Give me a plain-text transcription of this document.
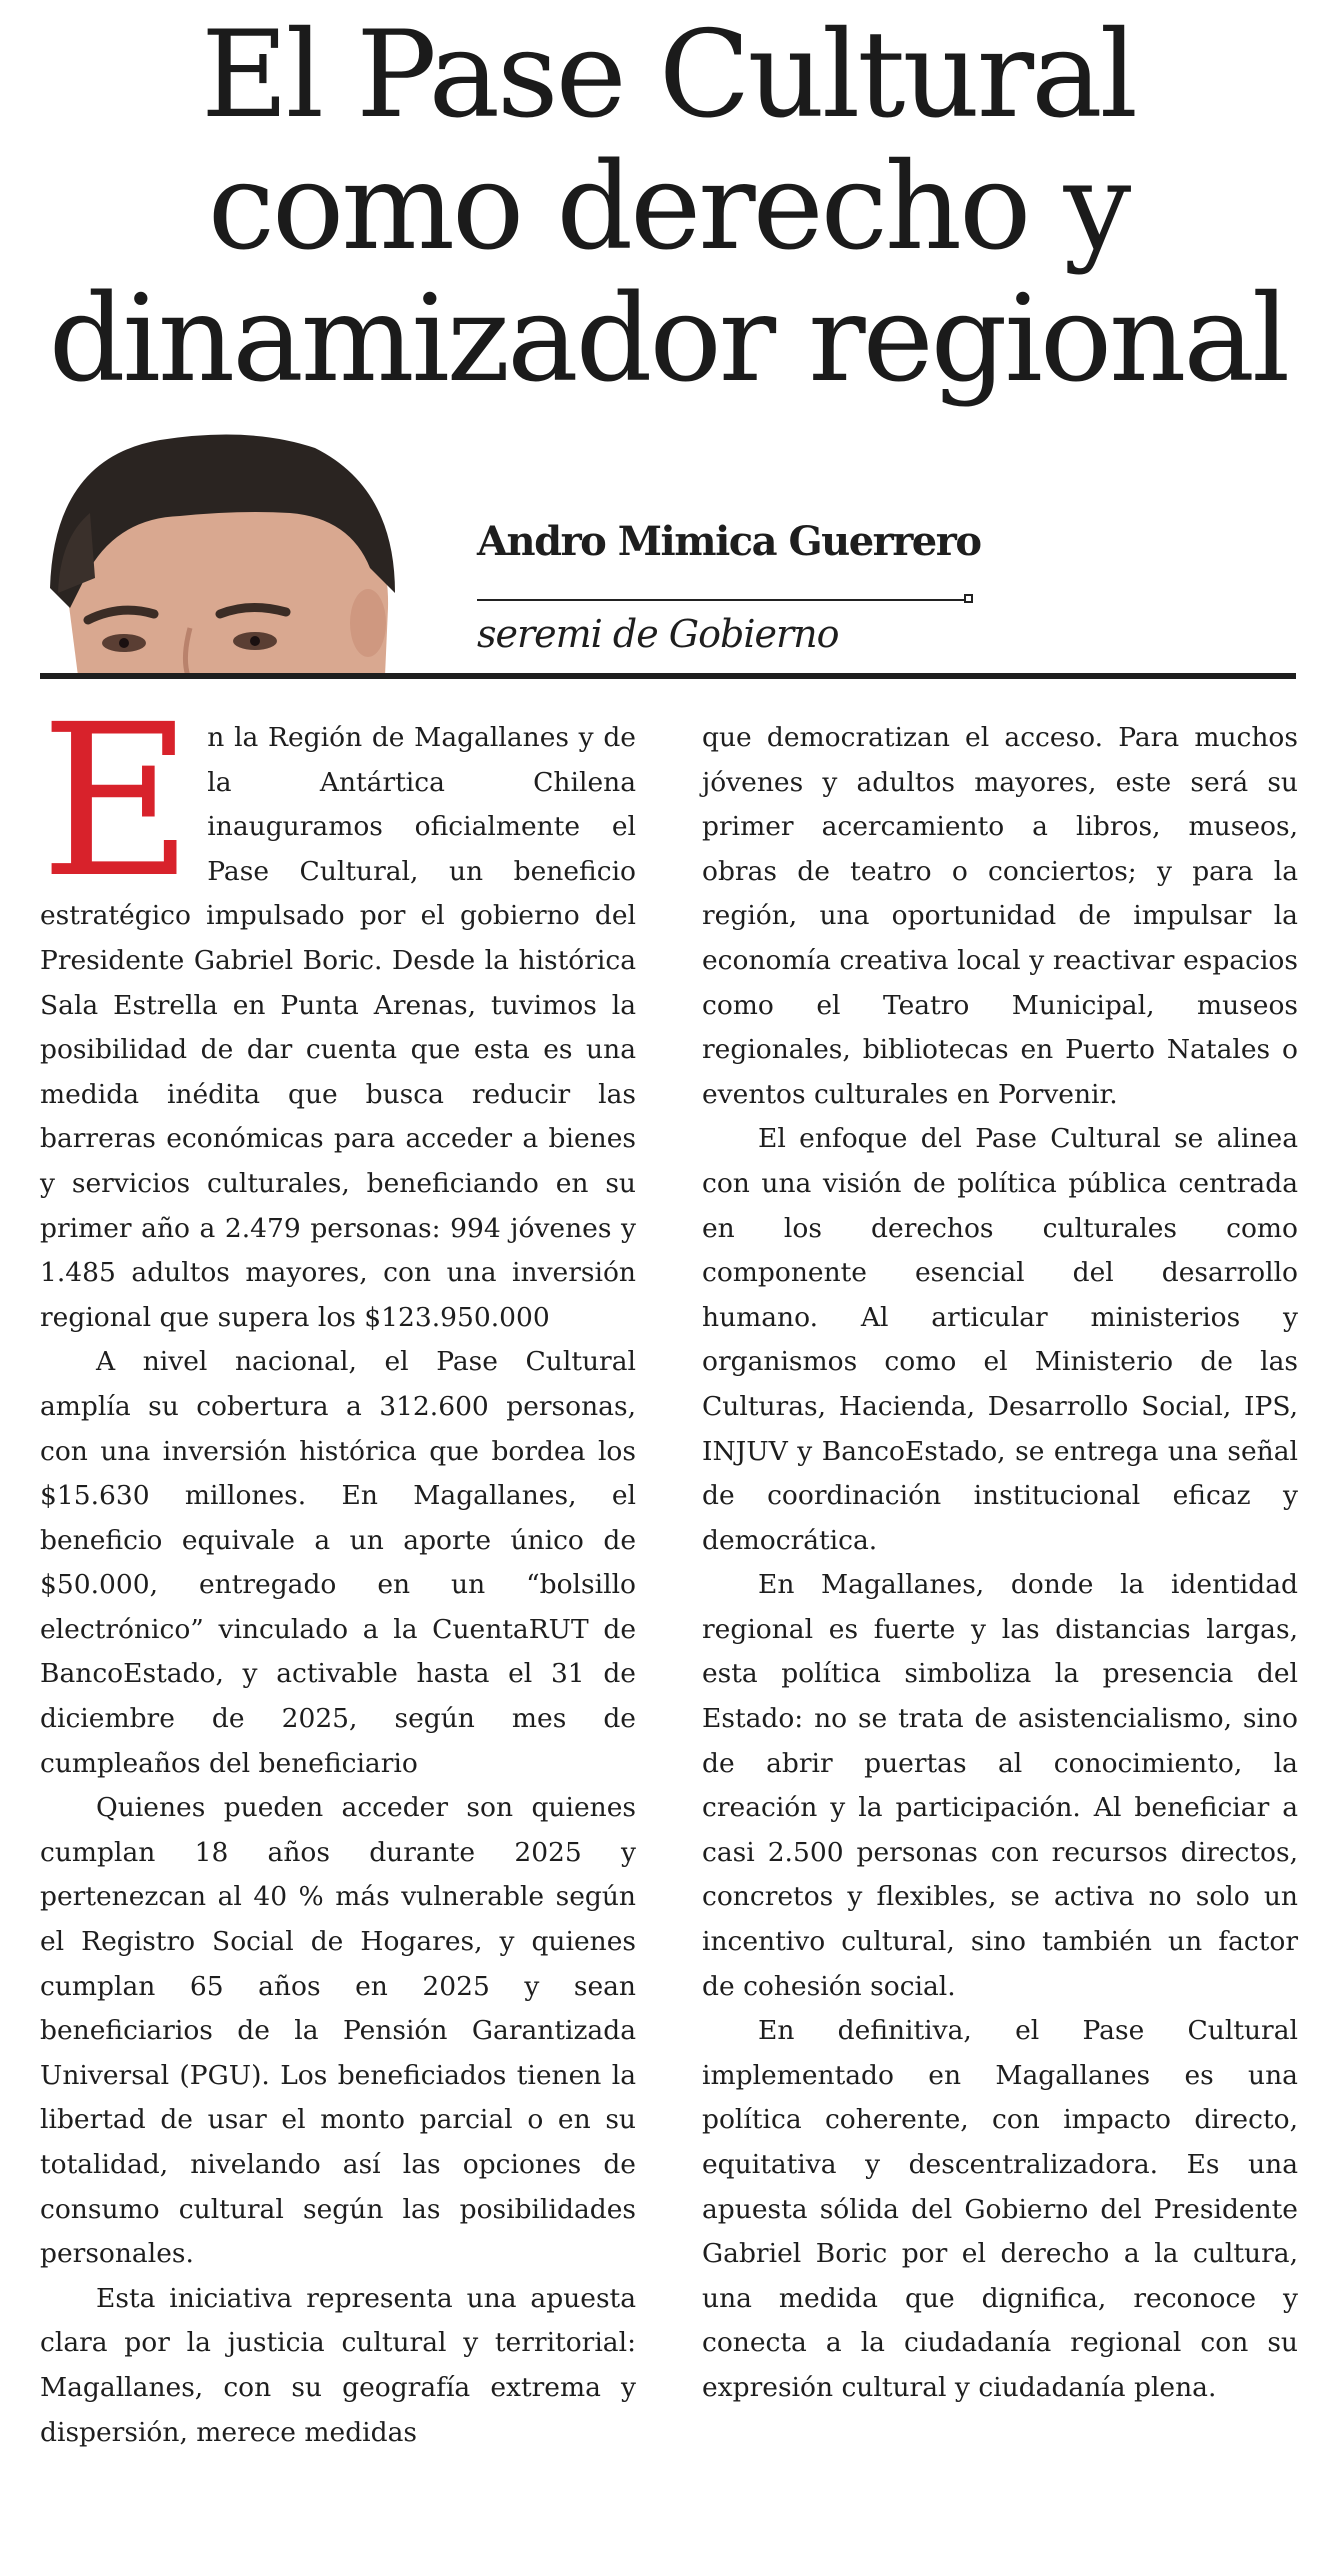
El Pase Cultural
como derecho y
dinamizador regional
Andro Mimica Guerrero
seremi de Gobierno

En la Región de Magallanes y de la Antártica Chilena inauguramos oficialmente el Pase Cultural, un beneficio estratégico impulsado por el gobierno del Presidente Gabriel Boric. Desde la histórica Sala Estrella en Punta Arenas, tuvimos la posibilidad de dar cuenta que esta es una medida inédita que busca reducir las barreras económicas para acceder a bienes y servicios culturales, beneficiando en su primer año a 2.479 personas: 994 jóvenes y 1.485 adultos mayores, con una inversión regional que supera los $123.950.000

A nivel nacional, el Pase Cultural amplía su cobertura a 312.600 personas, con una inversión histórica que bordea los $15.630 millones. En Magallanes, el beneficio equivale a un aporte único de $50.000, entregado en un “bolsillo electrónico” vinculado a la CuentaRUT de BancoEstado, y activable hasta el 31 de diciembre de 2025, según mes de cumpleaños del beneficiario

Quienes pueden acceder son quienes cumplan 18 años durante 2025 y pertenezcan al 40 % más vulnerable según el Registro Social de Hogares, y quienes cumplan 65 años en 2025 y sean beneficiarios de la Pensión Garantizada Universal (PGU). Los beneficiados tienen la libertad de usar el monto parcial o en su totalidad, nivelando así las opciones de consumo cultural según las posibilidades personales.

Esta iniciativa representa una apuesta clara por la justicia cultural y territorial: Magallanes, con su geografía extrema y dispersión, merece medidas

que democratizan el acceso. Para muchos jóvenes y adultos mayores, este será su primer acercamiento a libros, museos, obras de teatro o conciertos; y para la región, una oportunidad de impulsar la economía creativa local y reactivar espacios como el Teatro Municipal, museos regionales, bibliotecas en Puerto Natales o eventos culturales en Porvenir.

El enfoque del Pase Cultural se alinea con una visión de política pública centrada en los derechos culturales como componente esencial del desarrollo humano. Al articular ministerios y organismos como el Ministerio de las Culturas, Hacienda, Desarrollo Social, IPS, INJUV y BancoEstado, se entrega una señal de coordinación institucional eficaz y democrática.

En Magallanes, donde la identidad regional es fuerte y las distancias largas, esta política simboliza la presencia del Estado: no se trata de asistencialismo, sino de abrir puertas al conocimiento, la creación y la participación. Al beneficiar a casi 2.500 personas con recursos directos, concretos y flexibles, se activa no solo un incentivo cultural, sino también un factor de cohesión social.

En definitiva, el Pase Cultural implementado en Magallanes es una política coherente, con impacto directo, equitativa y descentralizadora. Es una apuesta sólida del Gobierno del Presidente Gabriel Boric por el derecho a la cultura, una medida que dignifica, reconoce y conecta a la ciudadanía regional con su expresión cultural y ciudadanía plena.
